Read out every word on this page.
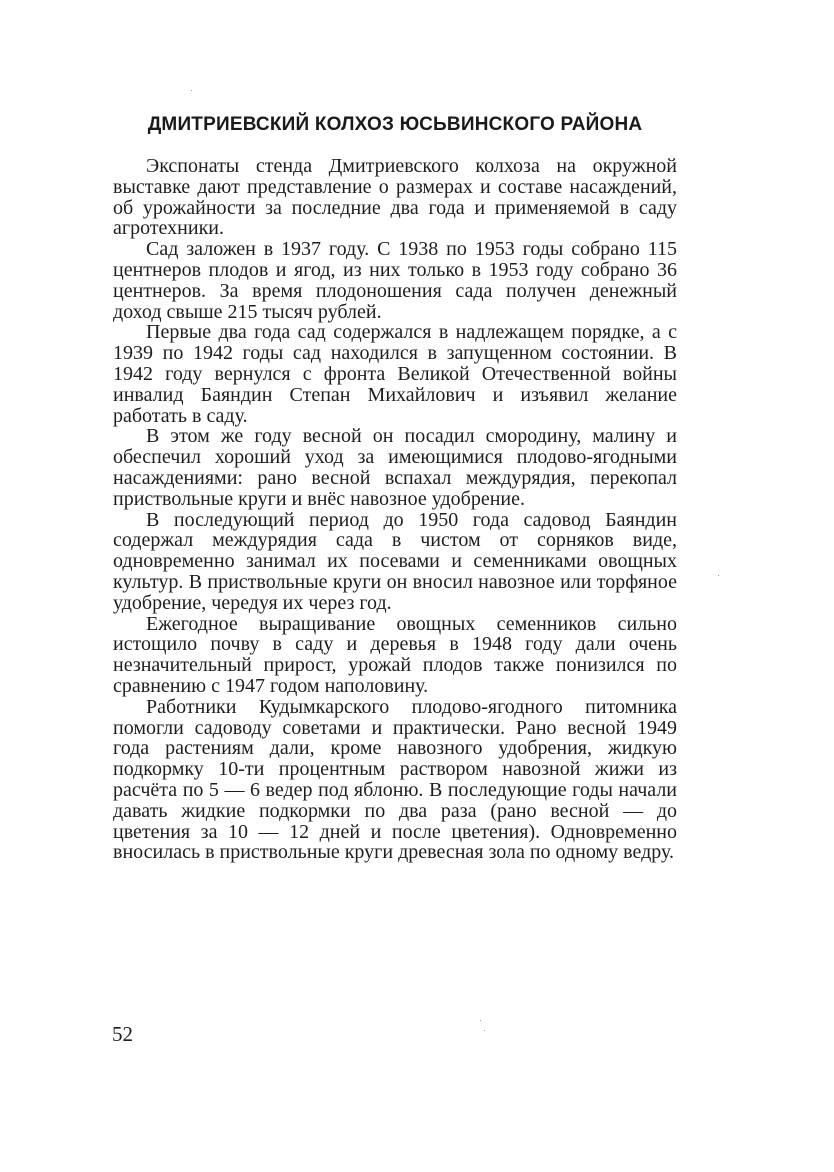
ДМИТРИЕВСКИЙ КОЛХОЗ ЮСЬВИНСКОГО РАЙОНА

Экспонаты стенда Дмитриевского колхоза на окружной выставке дают представление о размерах и составе насаждений, об урожайности за последние два года и применяемой в саду агротехники.

Сад заложен в 1937 году. С 1938 по 1953 годы собрано 115 центнеров плодов и ягод, из них только в 1953 году собрано 36 центнеров. За время плодоношения сада получен денежный доход свыше 215 тысяч рублей.

Первые два года сад содержался в надлежащем порядке, а с 1939 по 1942 годы сад находился в запущенном состоянии. В 1942 году вернулся с фронта Великой Отечественной войны инвалид Баяндин Степан Михайлович и изъявил желание работать в саду.

В этом же году весной он посадил смородину, малину и обеспечил хороший уход за имеющимися плодово-ягодными насаждениями: рано весной вспахал междурядия, перекопал приствольные круги и внёс навозное удобрение.

В последующий период до 1950 года садовод Баяндин содержал междурядия сада в чистом от сорняков виде, одновременно занимал их посевами и семенниками овощных культур. В приствольные круги он вносил навозное или торфяное удобрение, чередуя их через год.

Ежегодное выращивание овощных семенников сильно истощило почву в саду и деревья в 1948 году дали очень незначительный прирост, урожай плодов также понизился по сравнению с 1947 годом наполовину.

Работники Кудымкарского плодово-ягодного питомника помогли садоводу советами и практически. Рано весной 1949 года растениям дали, кроме навозного удобрения, жидкую подкормку 10-ти процентным раствором навозной жижи из расчёта по 5 — 6 ведер под яблоню. В последующие годы начали давать жидкие подкормки по два раза (рано весной — до цветения за 10 — 12 дней и после цветения). Одновременно вносилась в приствольные круги древесная зола по одному ведру.

52
